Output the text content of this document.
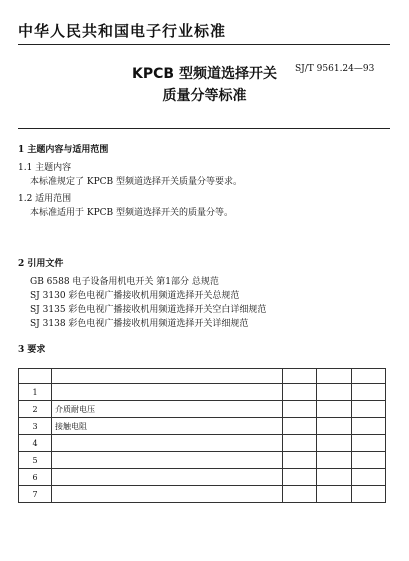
中华人民共和国电子行业标准
SJ/T 9561.24—93
KPCB 型频道选择开关
质量分等标准
1 主题内容与适用范围
1.1 主题内容
本标准规定了 KPCB 型频道选择开关质量分等要求。
1.2 适用范围
本标准适用于 KPCB 型频道选择开关的质量分等。
2 引用文件
GB 6588 电子设备用机电开关 第1部分 总规范
SJ 3130 彩色电视广播接收机用频道选择开关总规范
SJ 3135 彩色电视广播接收机用频道选择开关空白详细规范
SJ 3138 彩色电视广播接收机用频道选择开关详细规范
3 要求

1				
2	介质耐电压			
3	接触电阻			
4				
5				
6				
7				
